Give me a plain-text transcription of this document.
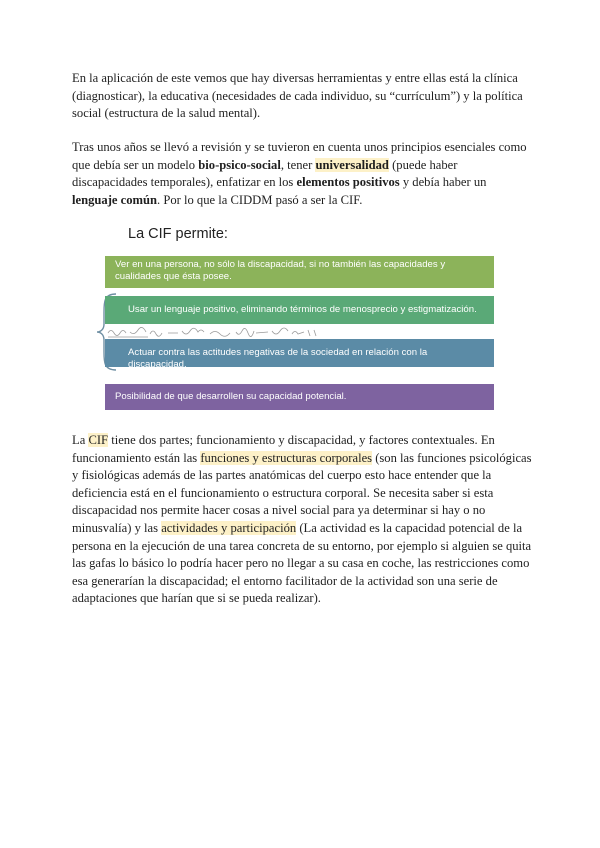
En la aplicación de este vemos que hay diversas herramientas y entre ellas está la clínica (diagnosticar), la educativa (necesidades de cada individuo, su “currículum”) y la política social (estructura de la salud mental).
Tras unos años se llevó a revisión y se tuvieron en cuenta unos principios esenciales como que debía ser un modelo bio-psico-social, tener universalidad (puede haber discapacidades temporales), enfatizar en los elementos positivos y debía haber un lenguaje común. Por lo que la CIDDM pasó a ser la CIF.
La CIF permite:
Ver en una persona, no sólo la discapacidad, si no también las capacidades y cualidades que ésta posee.
Usar un lenguaje positivo, eliminando términos de menosprecio y estigmatización.
Actuar contra las actitudes negativas de la sociedad en relación con la discapacidad.
Posibilidad de que desarrollen su capacidad potencial.
La CIF tiene dos partes; funcionamiento y discapacidad, y factores contextuales. En funcionamiento están las funciones y estructuras corporales (son las funciones psicológicas y fisiológicas además de las partes anatómicas del cuerpo esto hace entender que la deficiencia está en el funcionamiento o estructura corporal. Se necesita saber si esta discapacidad nos permite hacer cosas a nivel social para ya determinar si hay o no minusvalía) y las actividades y participación (La actividad es la capacidad potencial de la persona en la ejecución de una tarea concreta de su entorno, por ejemplo si alguien se quita las gafas lo básico lo podría hacer pero no llegar a su casa en coche, las restricciones como esa generarían la discapacidad; el entorno facilitador de la actividad son una serie de adaptaciones que harían que si se pueda realizar).
